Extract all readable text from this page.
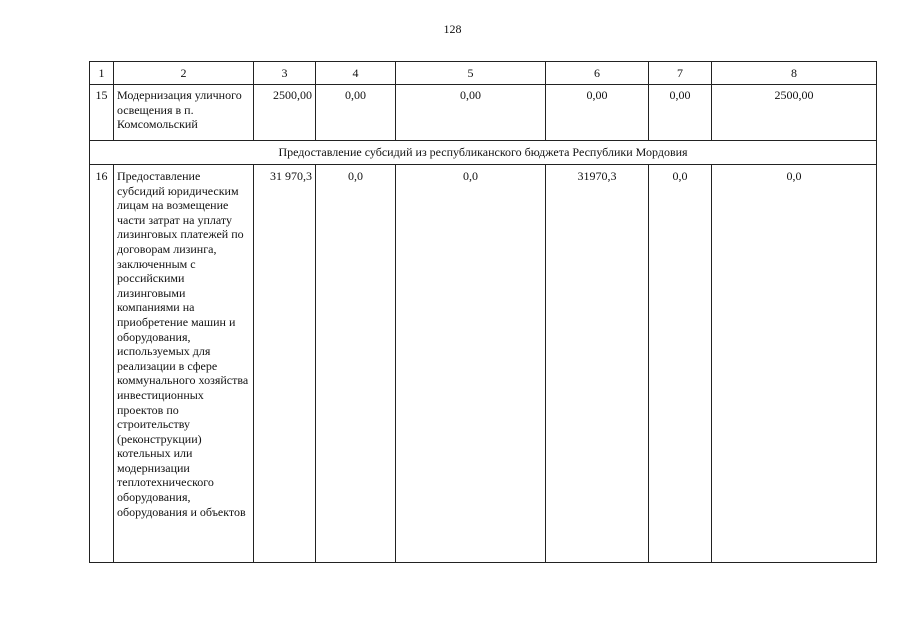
128
1	2	3	4	5	6	7	8
15	Модернизация уличного освещения в п. Комсомольский	2500,00	0,00	0,00	0,00	0,00	2500,00
Предоставление субсидий из республиканского бюджета Республики Мордовия							
16	Предоставление субсидий юридическим лицам на возмещение части затрат на уплату лизинговых платежей по договорам лизинга, заключенным с российскими лизинговыми компаниями на приобретение машин и оборудования, используемых для реализации в сфере коммунального хозяйства инвестиционных проектов по строительству (реконструкции) котельных или модернизации теплотехнического оборудования, оборудования и объектов	31 970,3	0,0	0,0	31970,3	0,0	0,0
